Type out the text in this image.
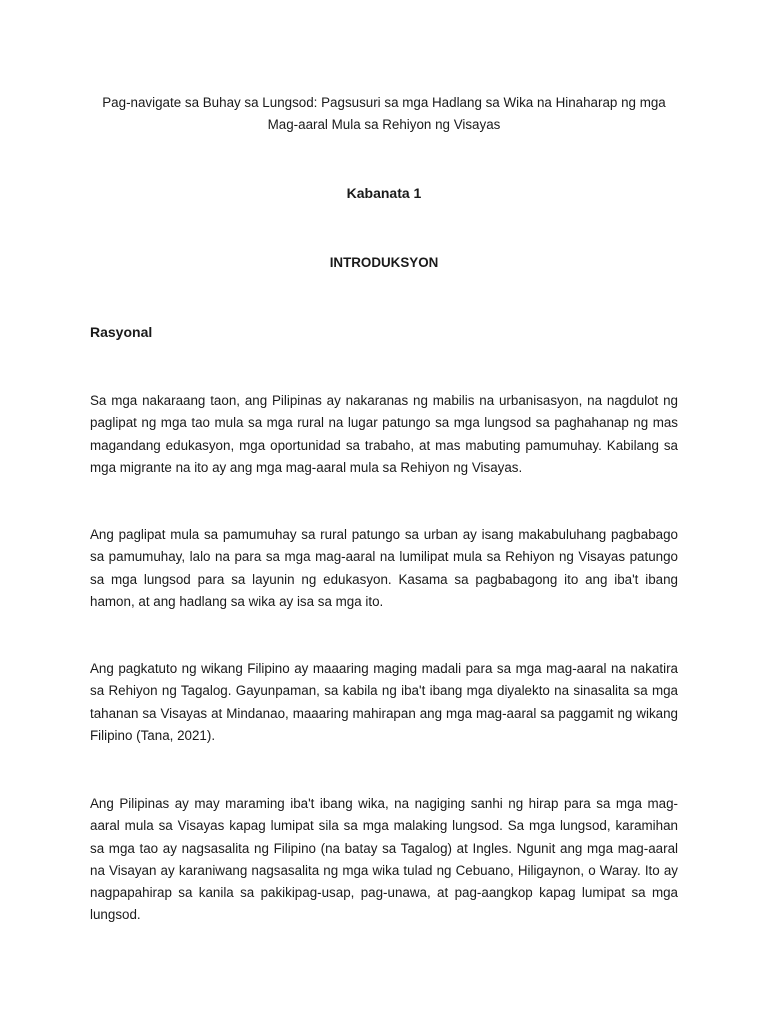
Pag-navigate sa Buhay sa Lungsod: Pagsusuri sa mga Hadlang sa Wika na Hinaharap ng mga Mag-aaral Mula sa Rehiyon ng Visayas
Kabanata 1
INTRODUKSYON
Rasyonal

Sa mga nakaraang taon, ang Pilipinas ay nakaranas ng mabilis na urbanisasyon, na nagdulot ng paglipat ng mga tao mula sa mga rural na lugar patungo sa mga lungsod sa paghahanap ng mas magandang edukasyon, mga oportunidad sa trabaho, at mas mabuting pamumuhay. Kabilang sa mga migrante na ito ay ang mga mag-aaral mula sa Rehiyon ng Visayas.

Ang paglipat mula sa pamumuhay sa rural patungo sa urban ay isang makabuluhang pagbabago sa pamumuhay, lalo na para sa mga mag-aaral na lumilipat mula sa Rehiyon ng Visayas patungo sa mga lungsod para sa layunin ng edukasyon. Kasama sa pagbabagong ito ang iba't ibang hamon, at ang hadlang sa wika ay isa sa mga ito.

Ang pagkatuto ng wikang Filipino ay maaaring maging madali para sa mga mag-aaral na nakatira sa Rehiyon ng Tagalog. Gayunpaman, sa kabila ng iba't ibang mga diyalekto na sinasalita sa mga tahanan sa Visayas at Mindanao, maaaring mahirapan ang mga mag-aaral sa paggamit ng wikang Filipino (Tana, 2021).

Ang Pilipinas ay may maraming iba't ibang wika, na nagiging sanhi ng hirap para sa mga mag-aaral mula sa Visayas kapag lumipat sila sa mga malaking lungsod. Sa mga lungsod, karamihan sa mga tao ay nagsasalita ng Filipino (na batay sa Tagalog) at Ingles. Ngunit ang mga mag-aaral na Visayan ay karaniwang nagsasalita ng mga wika tulad ng Cebuano, Hiligaynon, o Waray. Ito ay nagpapahirap sa kanila sa pakikipag-usap, pag-unawa, at pag-aangkop kapag lumipat sa mga lungsod.
